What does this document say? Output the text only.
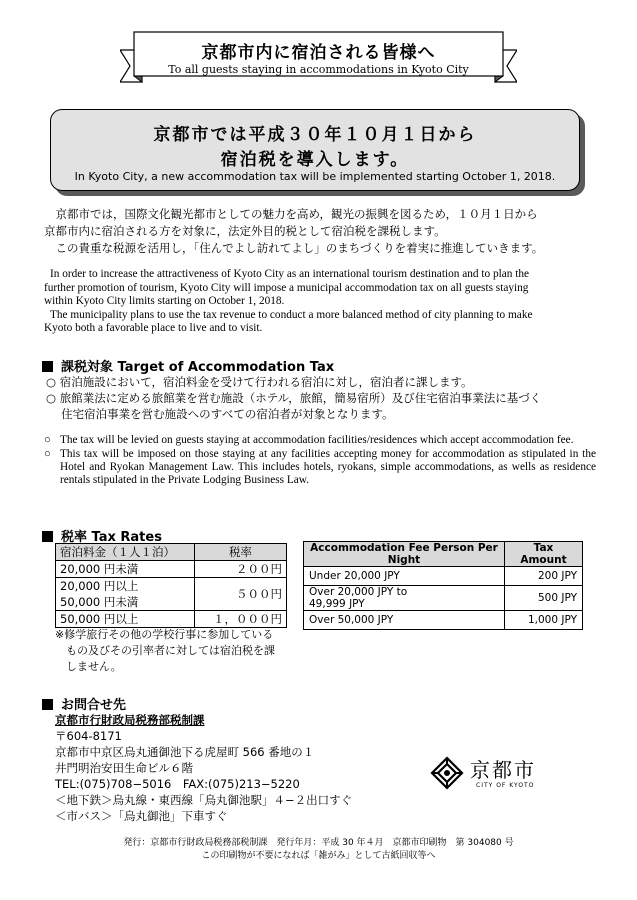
京都市内に宿泊される皆様へ
To all guests staying in accommodations in Kyoto City
京都市では平成３０年１０月１日から
宿泊税を導入します。
In Kyoto City, a new accommodation tax will be implemented starting October 1, 2018.
　京都市では，国際文化観光都市としての魅力を高め，観光の振興を図るため，１０月１日から
京都市内に宿泊される方を対象に，法定外目的税として宿泊税を課税します。
　この貴重な税源を活用し，「住んでよし訪れてよし」のまちづくりを着実に推進していきます。
In order to increase the attractiveness of Kyoto City as an international tourism destination and to plan the
further promotion of tourism, Kyoto City will impose a municipal accommodation tax on all guests staying
within Kyoto City limits starting on October 1, 2018.
The municipality plans to use the tax revenue to conduct a more balanced method of city planning to make
Kyoto both a favorable place to live and to visit.
課税対象 Target of Accommodation Tax
○ 宿泊施設において，宿泊料金を受けて行われる宿泊に対し，宿泊者に課します。
○ 旅館業法に定める旅館業を営む施設（ホテル，旅館，簡易宿所）及び住宅宿泊事業法に基づく
　 住宅宿泊事業を営む施設へのすべての宿泊者が対象となります。
○ The tax will be levied on guests staying at accommodation facilities/residences which accept accommodation fee.
○ This tax will be imposed on those staying at any facilities accepting money for accommodation as stipulated in the Hotel and Ryokan Management Law. This includes hotels, ryokans, simple accommodations, as wells as residence rentals stipulated in the Private Lodging Business Law.
税率 Tax Rates
宿泊料金（１人１泊）	税率
20,000 円未満	２００円

20,000 円以上
50,000 円未満	５００円
50,000 円以上	１，０００円
Accommodation Fee Person Per Night	Tax Amount
Under 20,000 JPY	200 JPY

Over 20,000 JPY to
49,999 JPY	500 JPY
Over 50,000 JPY	1,000 JPY
※修学旅行その他の学校行事に参加している
　もの及びその引率者に対しては宿泊税を課
　しません。
お問合せ先
京都市行財政局税務部税制課
〒604-8171
京都市中京区烏丸通御池下る虎屋町 566 番地の１
井門明治安田生命ビル６階
TEL:(075)708−5016　FAX:(075)213−5220
＜地下鉄＞烏丸線・東西線「烏丸御池駅」４−２出口すぐ
＜市バス＞「烏丸御池」下車すぐ
京都市
CITY OF KYOTO
発行：京都市行財政局税務部税制課　発行年月：平成 30 年４月　京都市印刷物　第 304080 号
この印刷物が不要になれば「雑がみ」として古紙回収等へ
